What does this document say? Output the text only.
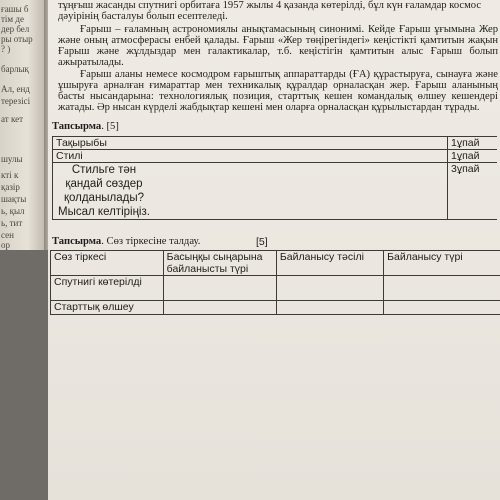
ғашы б
тім де
дер бел
ры отыр
? )
барлық
Ал, енд
терезісі
ат кет
шулы
кті к
қазір
шақты
ь, қыл
ь, тит
сен
ор
тұңғыш жасанды спутнигі орбитаға 1957 жылы 4 қазанда көтерілді, бұл күн ғаламдар космос
дәуірінің басталуы болып есептеледі.
Ғарыш – ғаламның астрономиялы анықтамасының синонимі. Кейде Ғарыш ұғымына Жер және оның атмосферасы енбей қалады. Ғарыш «Жер төңірегіндегі» кеңістікті қамтитын жақын Ғарыш және жұлдыздар мен галактикалар, т.б. кеңістігін қамтитын алыс Ғарыш болып ажыратылады.
Ғарыш аланы немесе космодром ғарыштық аппараттарды (ҒА) құрастыруға, сынауға және ұшыруға арналған ғимараттар мен техникалық құралдар орналасқан жер. Ғарыш аланының басты нысандарына: технологиялық позиция, старттық кешен командалық өлшеу кешендері жатады. Әр нысан күрделі жабдықтар кешені мен оларға орналасқан құрылыстардан тұрады.
Тапсырма. [5]
Тақырыбы	1ұпай
Стилі	1ұпай

Стильге тән қандай сөздер қолданылады? Мысал келтіріңіз.	3ұпай
Тапсырма. Сөз тіркесіне талдау.	[5]
Сөз тіркесі	Басыңқы сыңарына байланысты түрі	Байланысу тәсілі	Байланысу түрі
Спутнигі көтерілді			
Старттық өлшеу			
